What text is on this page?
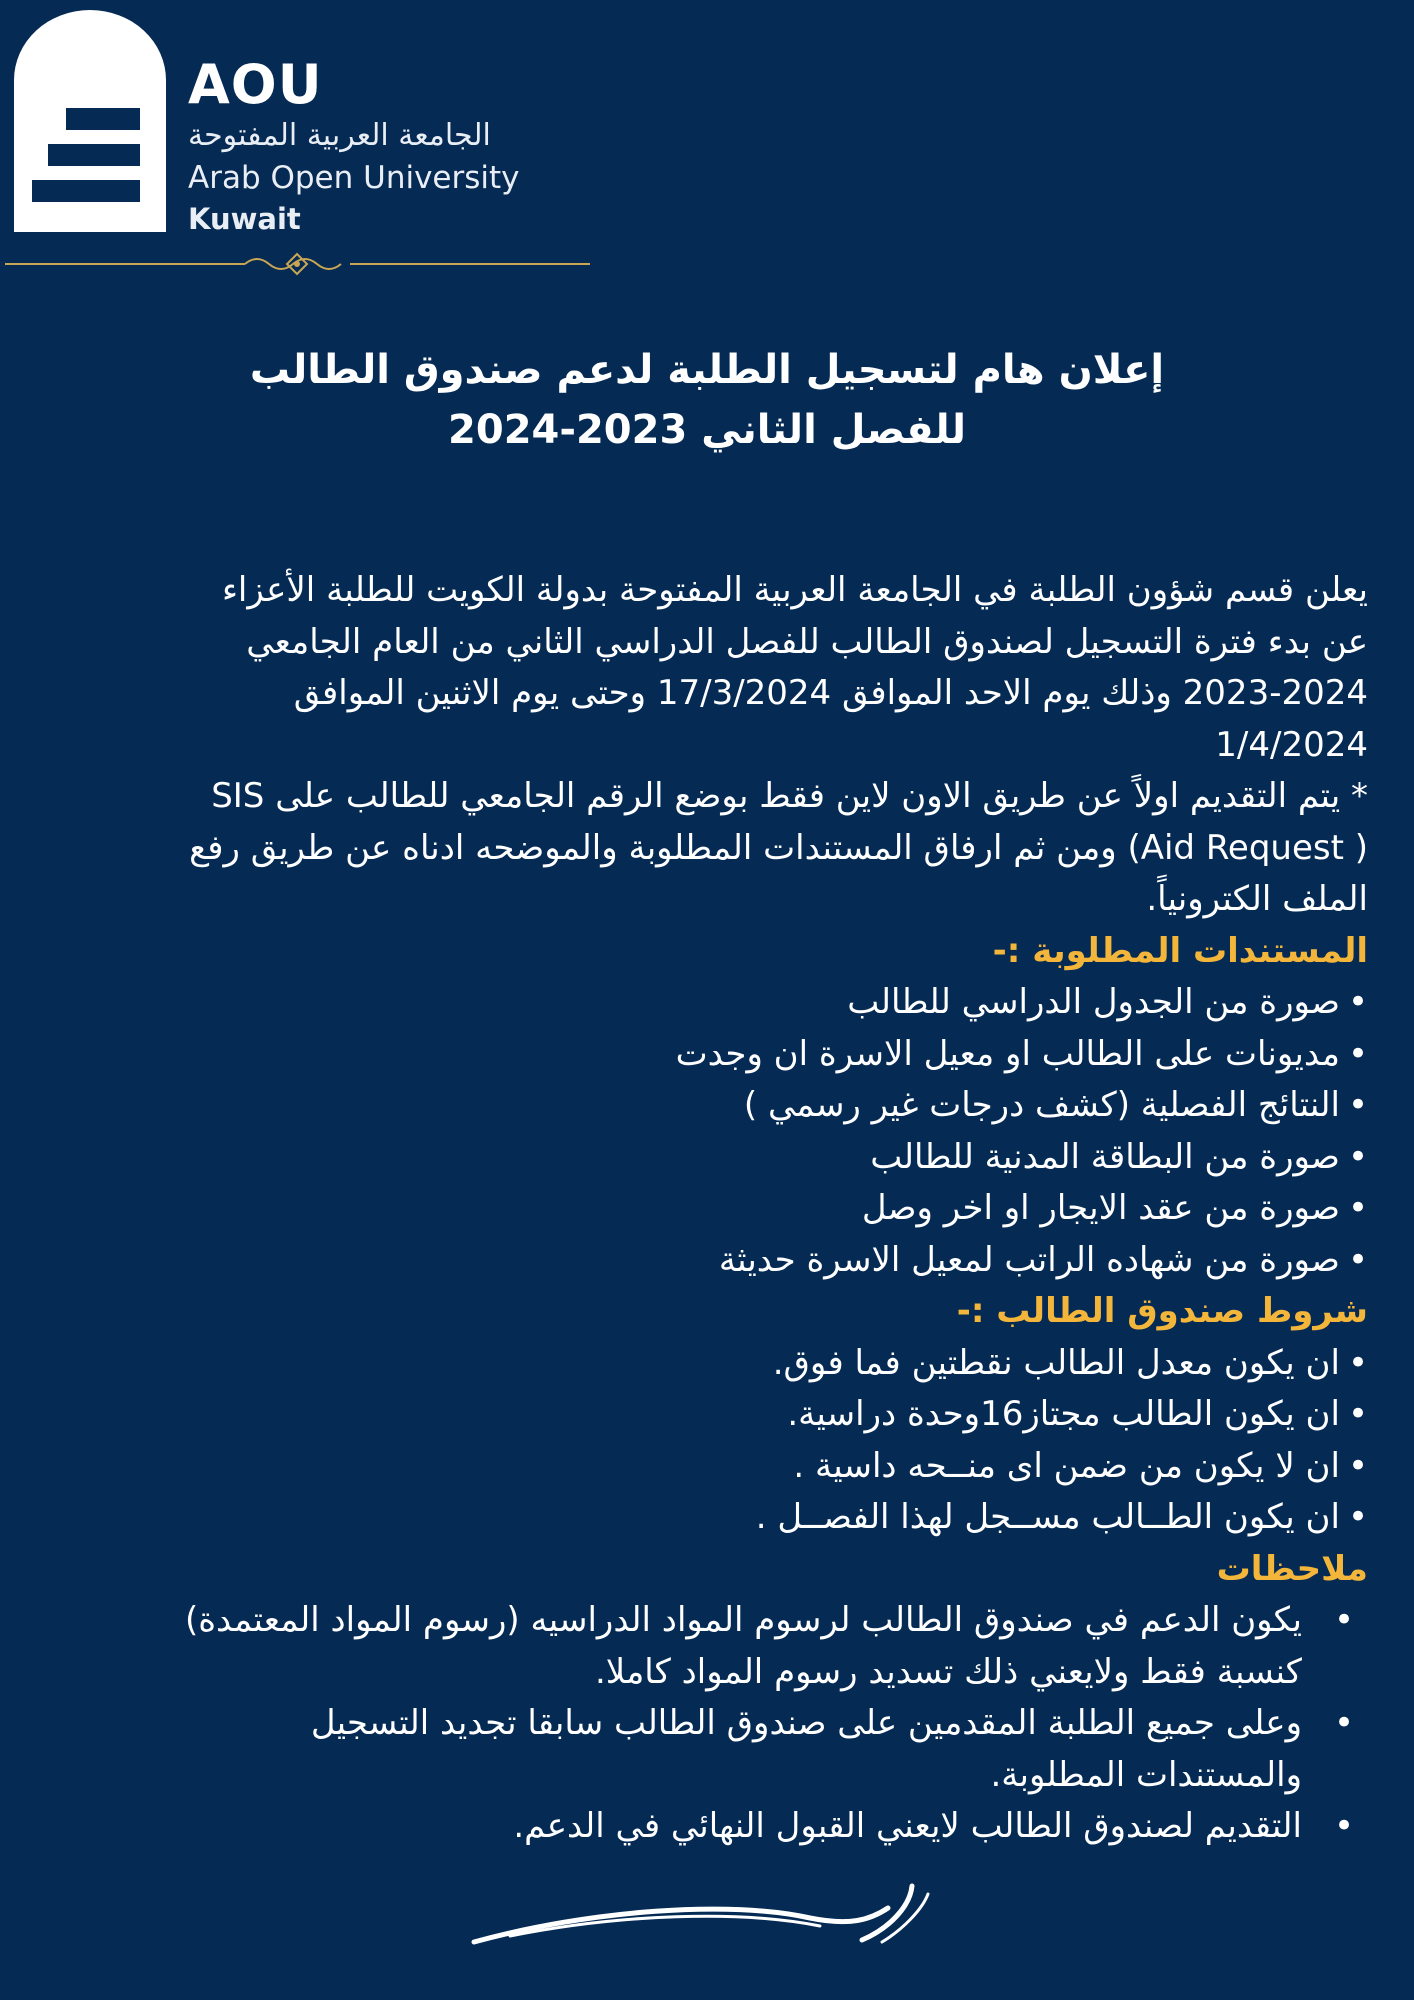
AOU
الجامعة العربية المفتوحة
Arab Open University
Kuwait
إعلان هام لتسجيل الطلبة لدعم صندوق الطالب
للفصل الثاني 2023-2024
يعلن قسم شؤون الطلبة في الجامعة العربية المفتوحة بدولة الكويت للطلبة الأعزاء
عن بدء فترة التسجيل لصندوق الطالب للفصل الدراسي الثاني من العام الجامعي
2023-2024 وذلك يوم الاحد الموافق 17/3/2024 وحتى يوم الاثنين الموافق
1/4/2024
* يتم التقديم اولاً عن طريق الاون لاين فقط بوضع الرقم الجامعي للطالب على SIS
( Aid Request) ومن ثم ارفاق المستندات المطلوبة والموضحه ادناه عن طريق رفع
الملف الكترونياً.
المستندات المطلوبة :-
•صورة من الجدول الدراسي للطالب
•مديونات على الطالب او معيل الاسرة ان وجدت
•النتائج الفصلية (كشف درجات غير رسمي )
•صورة من البطاقة المدنية للطالب
•صورة من عقد الايجار او اخر وصل
•صورة من شهاده الراتب لمعيل الاسرة حديثة
شروط صندوق الطالب :-
•ان يكون معدل الطالب نقطتين فما فوق.
•ان يكون الطالب مجتاز16وحدة دراسية.
•ان لا يكون من ضمن اى منــحه داسية .
•ان يكون الطــالب مســجل لهذا الفصــل .
ملاحظات
•
يكون الدعم في صندوق الطالب لرسوم المواد الدراسيه (رسوم المواد المعتمدة)
كنسبة فقط ولايعني ذلك تسديد رسوم المواد كاملا.
•
وعلى جميع الطلبة المقدمين على صندوق الطالب سابقا تجديد التسجيل
والمستندات المطلوبة.
•
التقديم لصندوق الطالب لايعني القبول النهائي في الدعم.
